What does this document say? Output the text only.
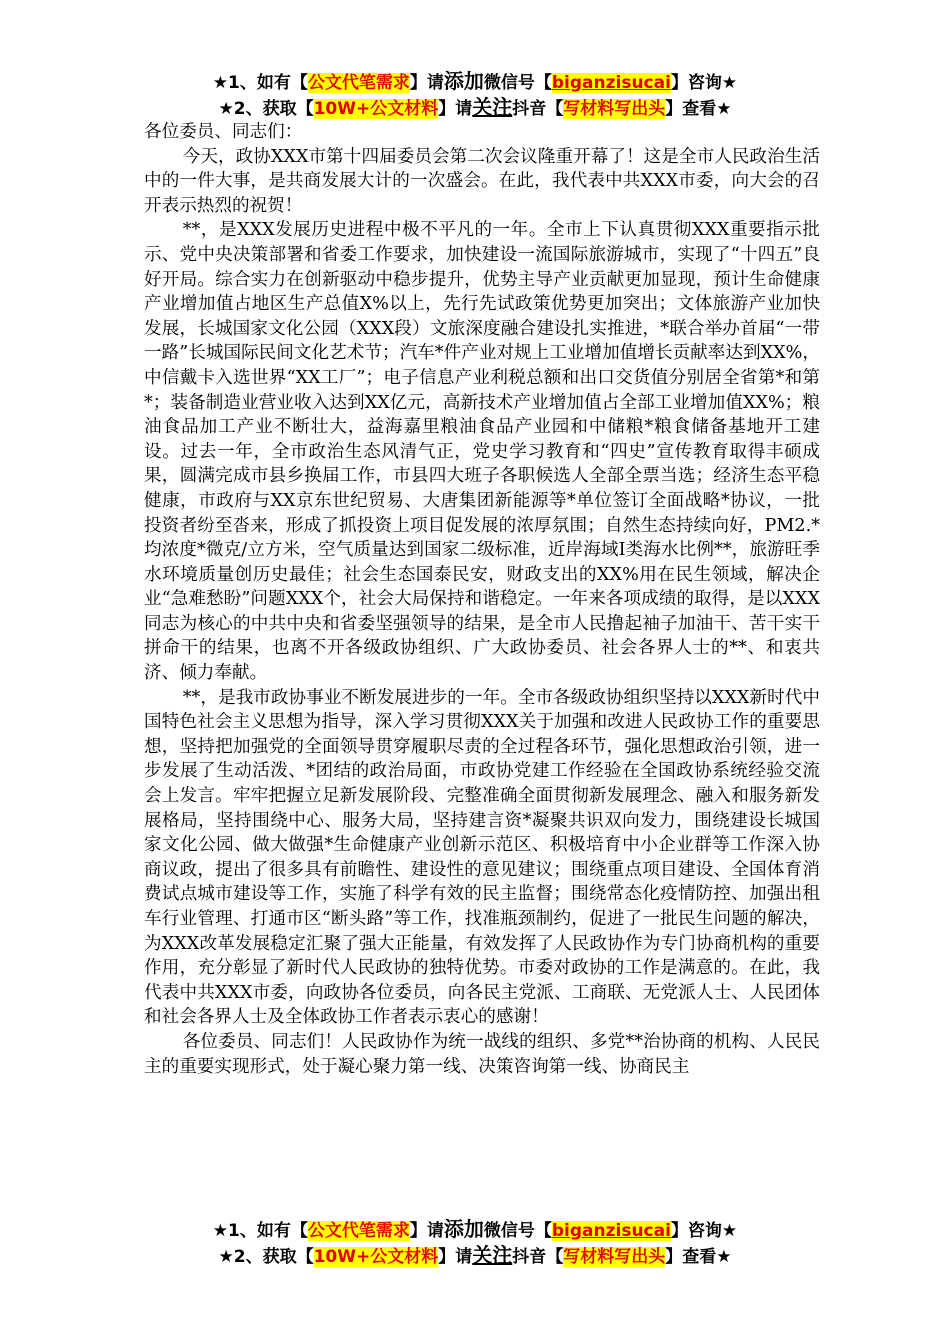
★1、如有【公文代笔需求】请添加微信号【biganzisucai】咨询★
★2、获取【10W+公文材料】请关注抖音【写材料写出头】查看★

各位委员、同志们：

今天，政协XXX市第十四届委员会第二次会议隆重开幕了！这是全市人民政治生活中的一件大事，是共商发展大计的一次盛会。在此，我代表中共XXX市委，向大会的召开表示热烈的祝贺！

**，是XXX发展历史进程中极不平凡的一年。全市上下认真贯彻XXX重要指示批示、党中央决策部署和省委工作要求，加快建设一流国际旅游城市，实现了“十四五”良好开局。综合实力在创新驱动中稳步提升，优势主导产业贡献更加显现，预计生命健康产业增加值占地区生产总值X%以上，先行先试政策优势更加突出；文体旅游产业加快发展，长城国家文化公园（XXX段）文旅深度融合建设扎实推进，*联合举办首届“一带一路”长城国际民间文化艺术节；汽车*件产业对规上工业增加值增长贡献率达到XX%，中信戴卡入选世界“XX工厂”；电子信息产业利税总额和出口交货值分别居全省第*和第*；装备制造业营业收入达到XX亿元，高新技术产业增加值占全部工业增加值XX%；粮油食品加工产业不断壮大，益海嘉里粮油食品产业园和中储粮*粮食储备基地开工建设。过去一年，全市政治生态风清气正，党史学习教育和“四史”宣传教育取得丰硕成果，圆满完成市县乡换届工作，市县四大班子各职候选人全部全票当选；经济生态平稳健康，市政府与XX京东世纪贸易、大唐集团新能源等*单位签订全面战略*协议，一批投资者纷至沓来，形成了抓投资上项目促发展的浓厚氛围；自然生态持续向好，PM2.*均浓度*微克/立方米，空气质量达到国家二级标准，近岸海域Ⅰ类海水比例**，旅游旺季水环境质量创历史最佳；社会生态国泰民安，财政支出的XX%用在民生领域，解决企业“急难愁盼”问题XXX个，社会大局保持和谐稳定。一年来各项成绩的取得，是以XXX同志为核心的中共中央和省委坚强领导的结果，是全市人民撸起袖子加油干、苦干实干拼命干的结果，也离不开各级政协组织、广大政协委员、社会各界人士的**、和衷共济、倾力奉献。

**，是我市政协事业不断发展进步的一年。全市各级政协组织坚持以XXX新时代中国特色社会主义思想为指导，深入学习贯彻XXX关于加强和改进人民政协工作的重要思想，坚持把加强党的全面领导贯穿履职尽责的全过程各环节，强化思想政治引领，进一步发展了生动活泼、*团结的政治局面，市政协党建工作经验在全国政协系统经验交流会上发言。牢牢把握立足新发展阶段、完整准确全面贯彻新发展理念、融入和服务新发展格局，坚持围绕中心、服务大局，坚持建言资*凝聚共识双向发力，围绕建设长城国家文化公园、做大做强*生命健康产业创新示范区、积极培育中小企业群等工作深入协商议政，提出了很多具有前瞻性、建设性的意见建议；围绕重点项目建设、全国体育消费试点城市建设等工作，实施了科学有效的民主监督；围绕常态化疫情防控、加强出租车行业管理、打通市区“断头路”等工作，找准瓶颈制约，促进了一批民生问题的解决，为XXX改革发展稳定汇聚了强大正能量，有效发挥了人民政协作为专门协商机构的重要作用，充分彰显了新时代人民政协的独特优势。市委对政协的工作是满意的。在此，我代表中共XXX市委，向政协各位委员，向各民主党派、工商联、无党派人士、人民团体和社会各界人士及全体政协工作者表示衷心的感谢！

各位委员、同志们！人民政协作为统一战线的组织、多党**治协商的机构、人民民主的重要实现形式，处于凝心聚力第一线、决策咨询第一线、协商民主

★1、如有【公文代笔需求】请添加微信号【biganzisucai】咨询★
★2、获取【10W+公文材料】请关注抖音【写材料写出头】查看★
